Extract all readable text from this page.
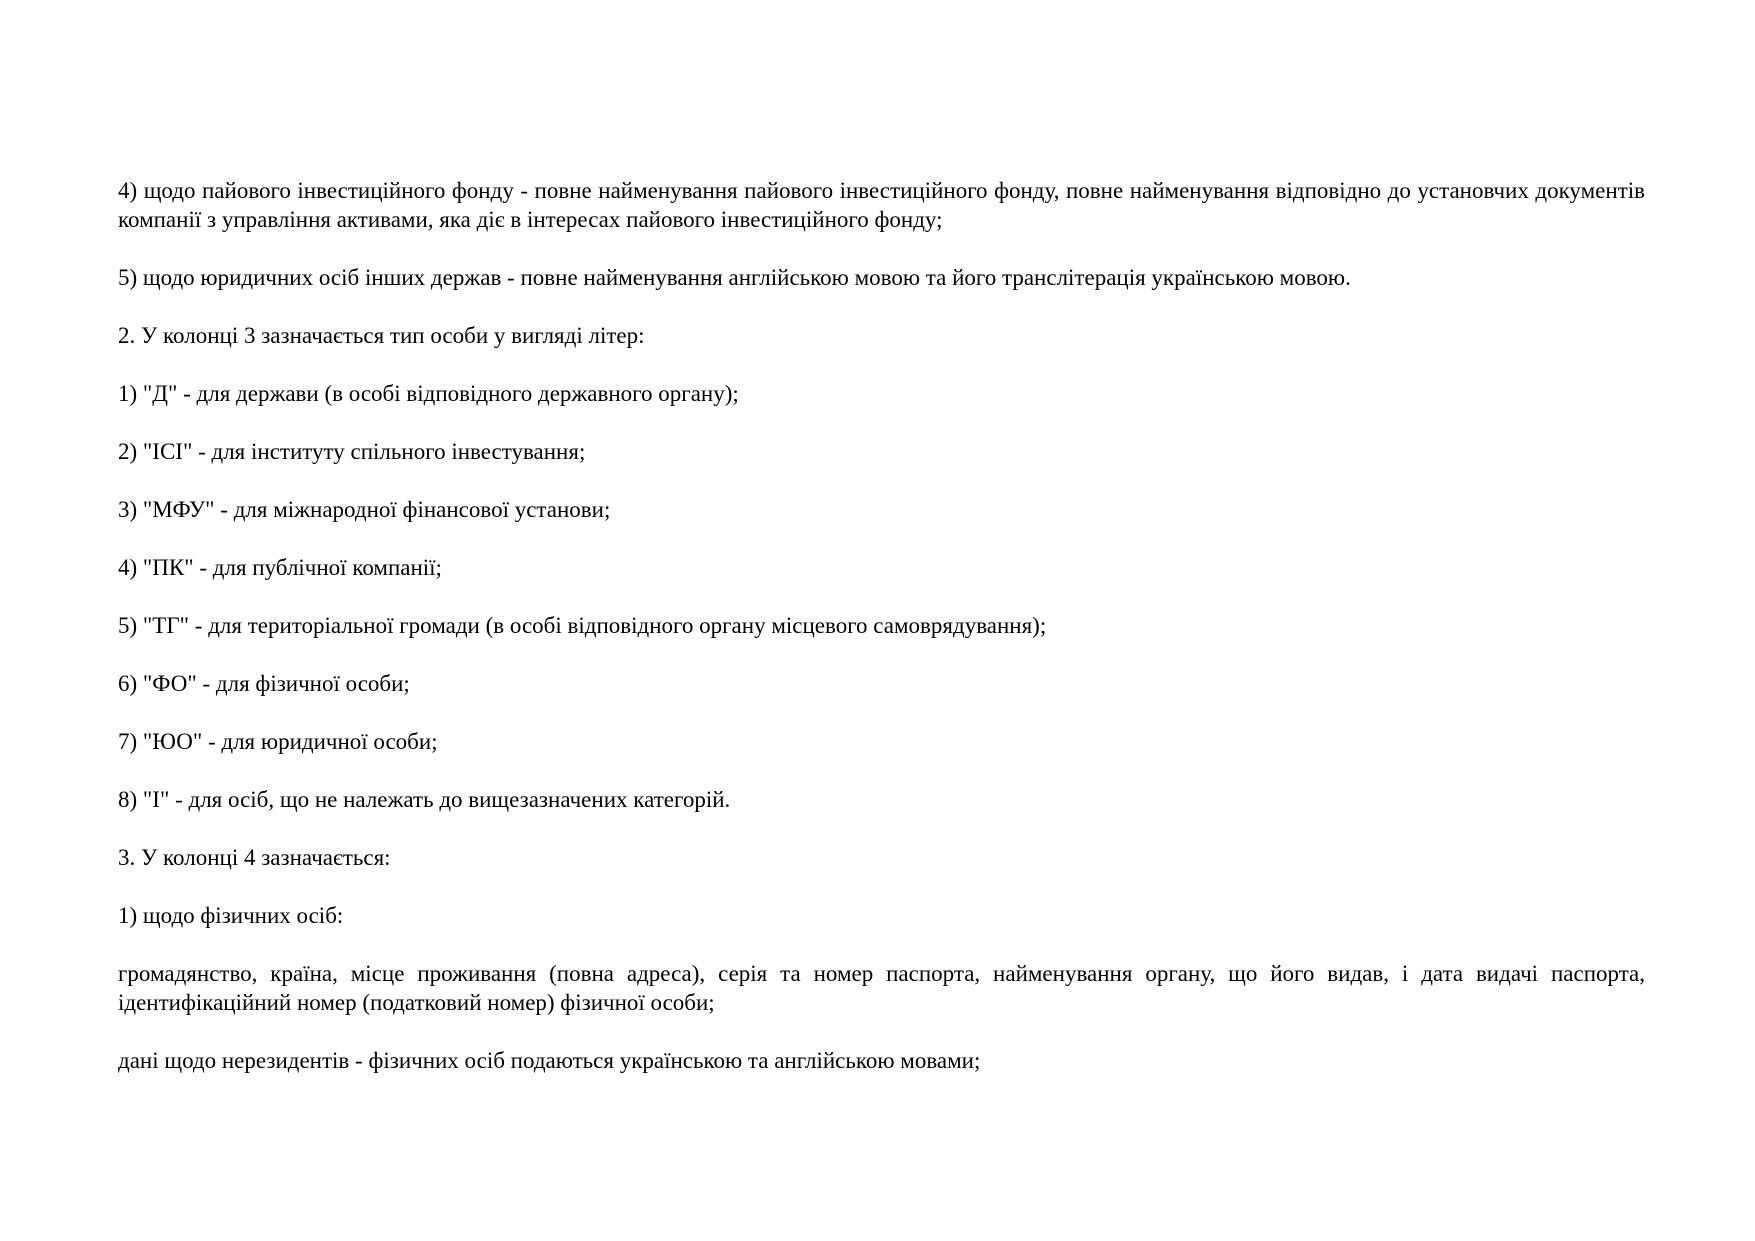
4) щодо пайового інвестиційного фонду - повне найменування пайового інвестиційного фонду, повне найменування відповідно до установчих документів компанії з управління активами, яка діє в інтересах пайового інвестиційного фонду;

5) щодо юридичних осіб інших держав - повне найменування англійською мовою та його транслітерація українською мовою.

2. У колонці 3 зазначається тип особи у вигляді літер:

1) "Д" - для держави (в особі відповідного державного органу);

2) "ІСІ" - для інституту спільного інвестування;

3) "МФУ" - для міжнародної фінансової установи;

4) "ПК" - для публічної компанії;

5) "ТГ" - для територіальної громади (в особі відповідного органу місцевого самоврядування);

6) "ФО" - для фізичної особи;

7) "ЮО" - для юридичної особи;

8) "І" - для осіб, що не належать до вищезазначених категорій.

3. У колонці 4 зазначається:

1) щодо фізичних осіб:

громадянство, країна, місце проживання (повна адреса), серія та номер паспорта, найменування органу, що його видав, і дата видачі паспорта, ідентифікаційний номер (податковий номер) фізичної особи;

дані щодо нерезидентів - фізичних осіб подаються українською та англійською мовами;
